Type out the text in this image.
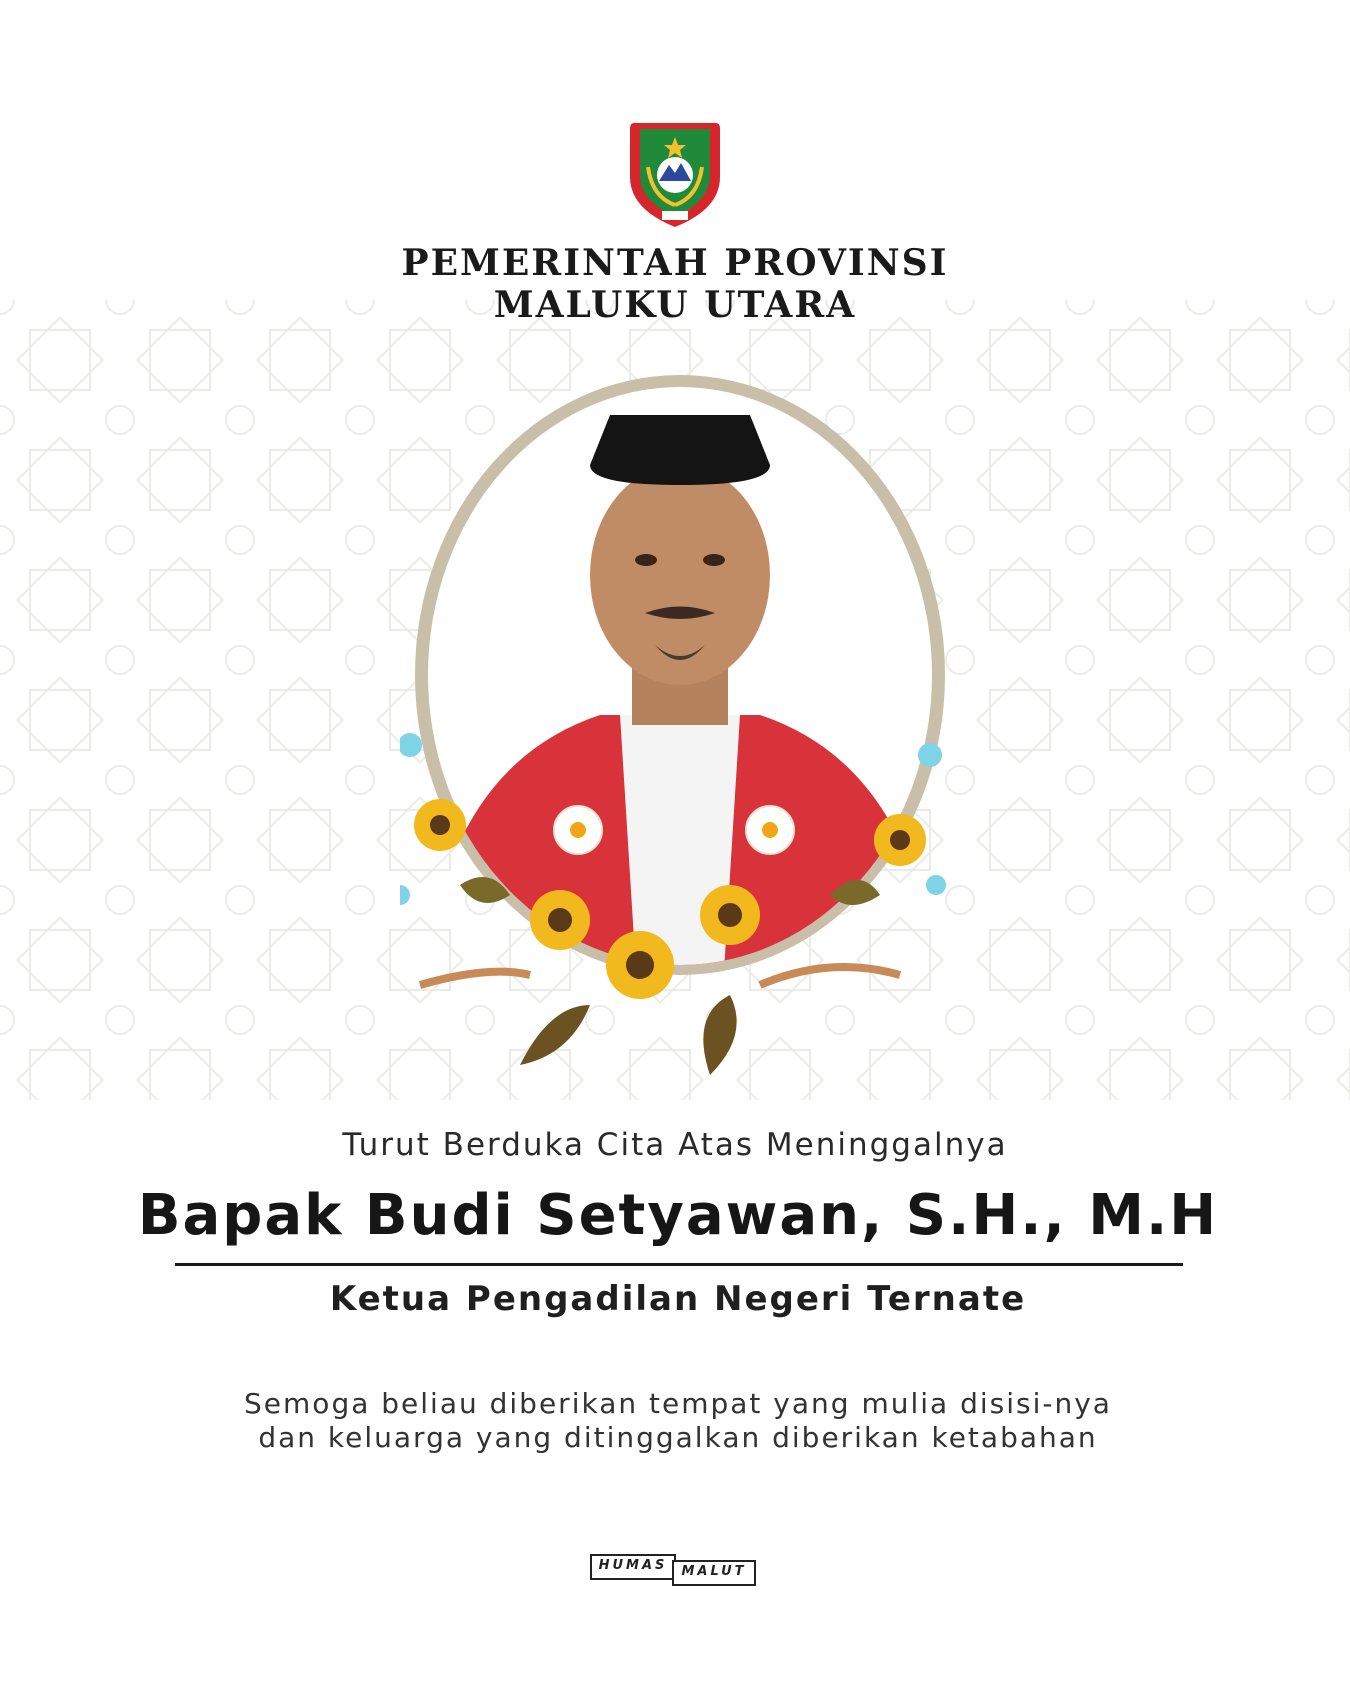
PEMERINTAH PROVINSI
MALUKU UTARA
Turut Berduka Cita Atas Meninggalnya
Bapak Budi Setyawan, S.H., M.H
Ketua Pengadilan Negeri Ternate
Semoga beliau diberikan tempat yang mulia disisi-nya
dan keluarga yang ditinggalkan diberikan ketabahan
HUMAS	MALUT
